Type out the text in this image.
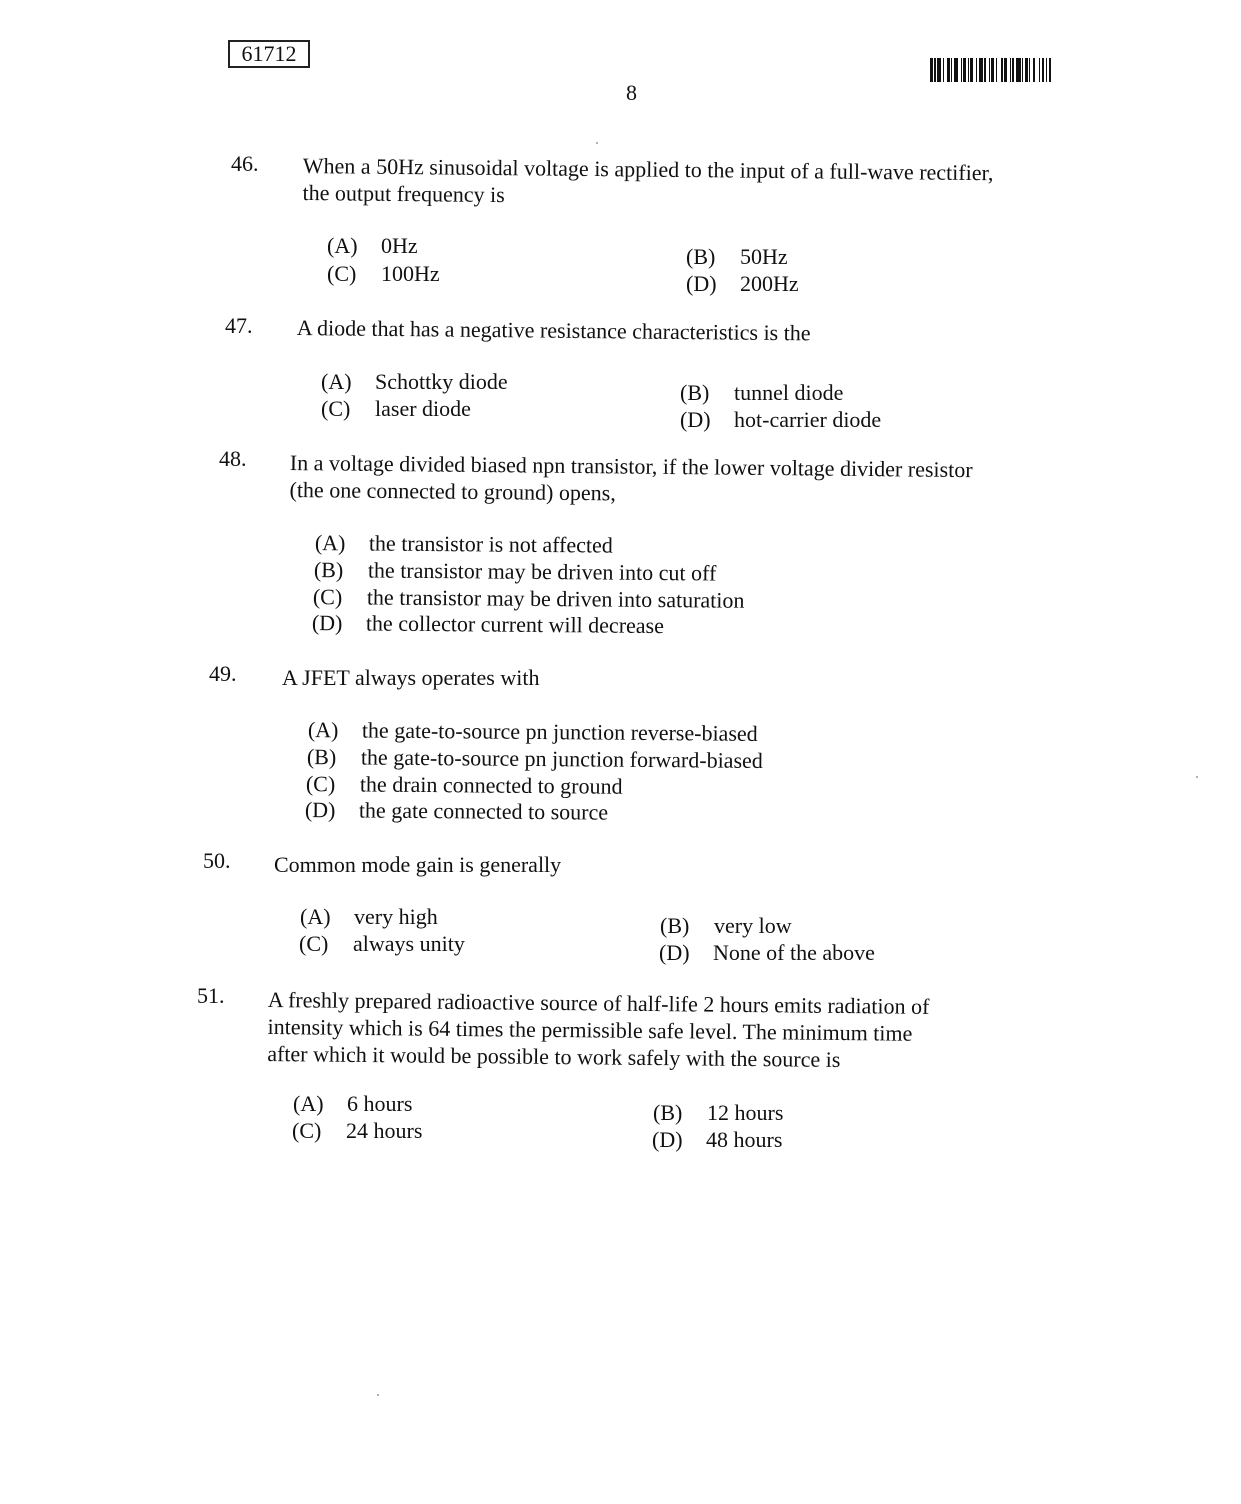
61712
8
46. When a 50Hz sinusoidal voltage is applied to the input of a full-wave rectifier,
the output frequency is
(A)	0Hz
(C)	100Hz
(B)	50Hz
(D)	200Hz
47. A diode that has a negative resistance characteristics is the
(A)	Schottky diode
(C)	laser diode
(B)	tunnel diode
(D)	hot-carrier diode
48. In a voltage divided biased npn transistor, if the lower voltage divider resistor
(the one connected to ground) opens,
(A)	the transistor is not affected
(B)	the transistor may be driven into cut off
(C)	the transistor may be driven into saturation
(D)	the collector current will decrease
49. A JFET always operates with
(A)	the gate-to-source pn junction reverse-biased
(B)	the gate-to-source pn junction forward-biased
(C)	the drain connected to ground
(D)	the gate connected to source
50. Common mode gain is generally
(A)	very high
(C)	always unity
(B)	very low
(D)	None of the above
51. A freshly prepared radioactive source of half-life 2 hours emits radiation of
intensity which is 64 times the permissible safe level. The minimum time
after which it would be possible to work safely with the source is
(A)	6 hours
(C)	24 hours
(B)	12 hours
(D)	48 hours
